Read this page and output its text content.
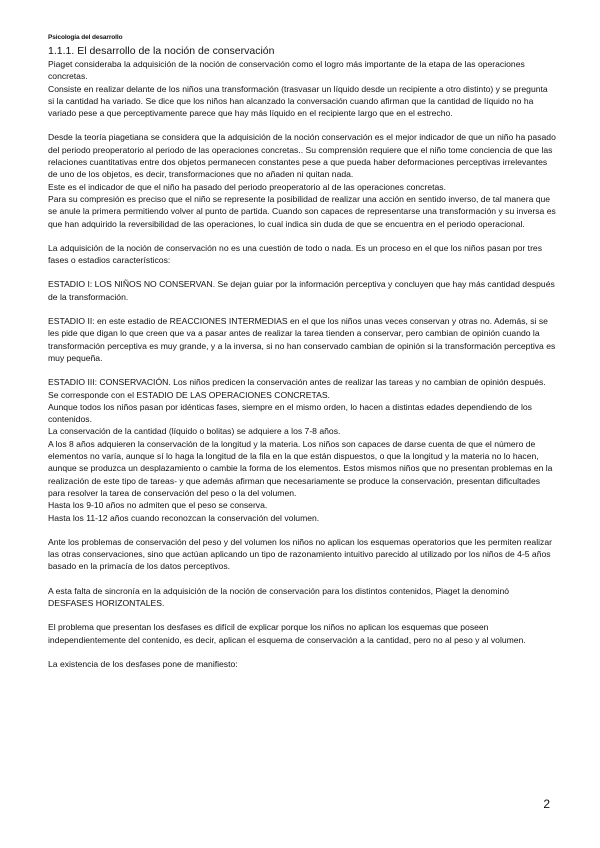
Psicología del desarrollo
1.1.1. El desarrollo de la noción de conservación

Piaget consideraba la adquisición de la noción de conservación como el logro más importante de la etapa de las operaciones concretas.

Consiste en realizar delante de los niños una transformación (trasvasar un líquido desde un recipiente a otro distinto) y se pregunta si la cantidad ha variado. Se dice que los niños han alcanzado la conversación cuando afirman que la cantidad de líquido no ha variado pese a que perceptivamente parece que hay más líquido en el recipiente largo que en el estrecho.

Desde la teoría piagetiana se considera que la adquisición de la noción conservación es el mejor indicador de que un niño ha pasado del periodo preoperatorio al periodo de las operaciones concretas.. Su comprensión requiere que el niño tome conciencia de que las relaciones cuantitativas entre dos objetos permanecen constantes pese a que pueda haber deformaciones perceptivas irrelevantes de uno de los objetos, es decir, transformaciones que no añaden ni quitan nada.

Este es el indicador de que el niño ha pasado del periodo preoperatorio al de las operaciones concretas.

Para su compresión es preciso que el niño se represente la posibilidad de realizar una acción en sentido inverso, de tal manera que se anule la primera permitiendo volver al punto de partida. Cuando son capaces de representarse una transformación y su inversa es que han adquirido la reversibilidad de las operaciones, lo cual indica sin duda de que se encuentra en el periodo operacional.

La adquisición de la noción de conservación no es una cuestión de todo o nada. Es un proceso en el que los niños pasan por tres fases o estadios característicos:

ESTADIO I: LOS NIÑOS NO CONSERVAN. Se dejan guiar por la información perceptiva y concluyen que hay más cantidad después de la transformación.

ESTADIO II: en este estadio de REACCIONES INTERMEDIAS en el que los niños unas veces conservan y otras no. Además, si se les pide que digan lo que creen que va a pasar antes de realizar la tarea tienden a conservar, pero cambian de opinión cuando la transformación perceptiva es muy grande, y a la inversa, si no han conservado cambian de opinión si la transformación perceptiva es muy pequeña.

ESTADIO III: CONSERVACIÓN. Los niños predicen la conservación antes de realizar las tareas y no cambian de opinión después. Se corresponde con el ESTADIO DE LAS OPERACIONES CONCRETAS.

Aunque todos los niños pasan por idénticas fases, siempre en el mismo orden, lo hacen a distintas edades dependiendo de los contenidos.

La conservación de la cantidad (líquido o bolitas) se adquiere a los 7-8 años.

A los 8 años adquieren la conservación de la longitud y la materia. Los niños son capaces de darse cuenta de que el número de elementos no varía, aunque sí lo haga la longitud de la fila en la que están dispuestos, o que la longitud y la materia no lo hacen, aunque se produzca un desplazamiento o cambie la forma de los elementos. Estos mismos niños que no presentan problemas en la realización de este tipo de tareas- y que además afirman que necesariamente se produce la conservación, presentan dificultades para resolver la tarea de conservación del peso o la del volumen.

Hasta los 9-10 años no admiten que el peso se conserva.

Hasta los 11-12 años cuando reconozcan la conservación del volumen.

Ante los problemas de conservación del peso y del volumen los niños no aplican los esquemas operatorios que les permiten realizar las otras conservaciones, sino que actúan aplicando un tipo de razonamiento intuitivo parecido al utilizado por los niños de 4-5 años basado en la primacía de los datos perceptivos.

A esta falta de sincronía en la adquisición de la noción de conservación para los distintos contenidos, Piaget la denominó DESFASES HORIZONTALES.

El problema que presentan los desfases es difícil de explicar porque los niños no aplican los esquemas que poseen independientemente del contenido, es decir, aplican el esquema de conservación a la cantidad, pero no al peso y al volumen.

La existencia de los desfases pone de manifiesto:

2
